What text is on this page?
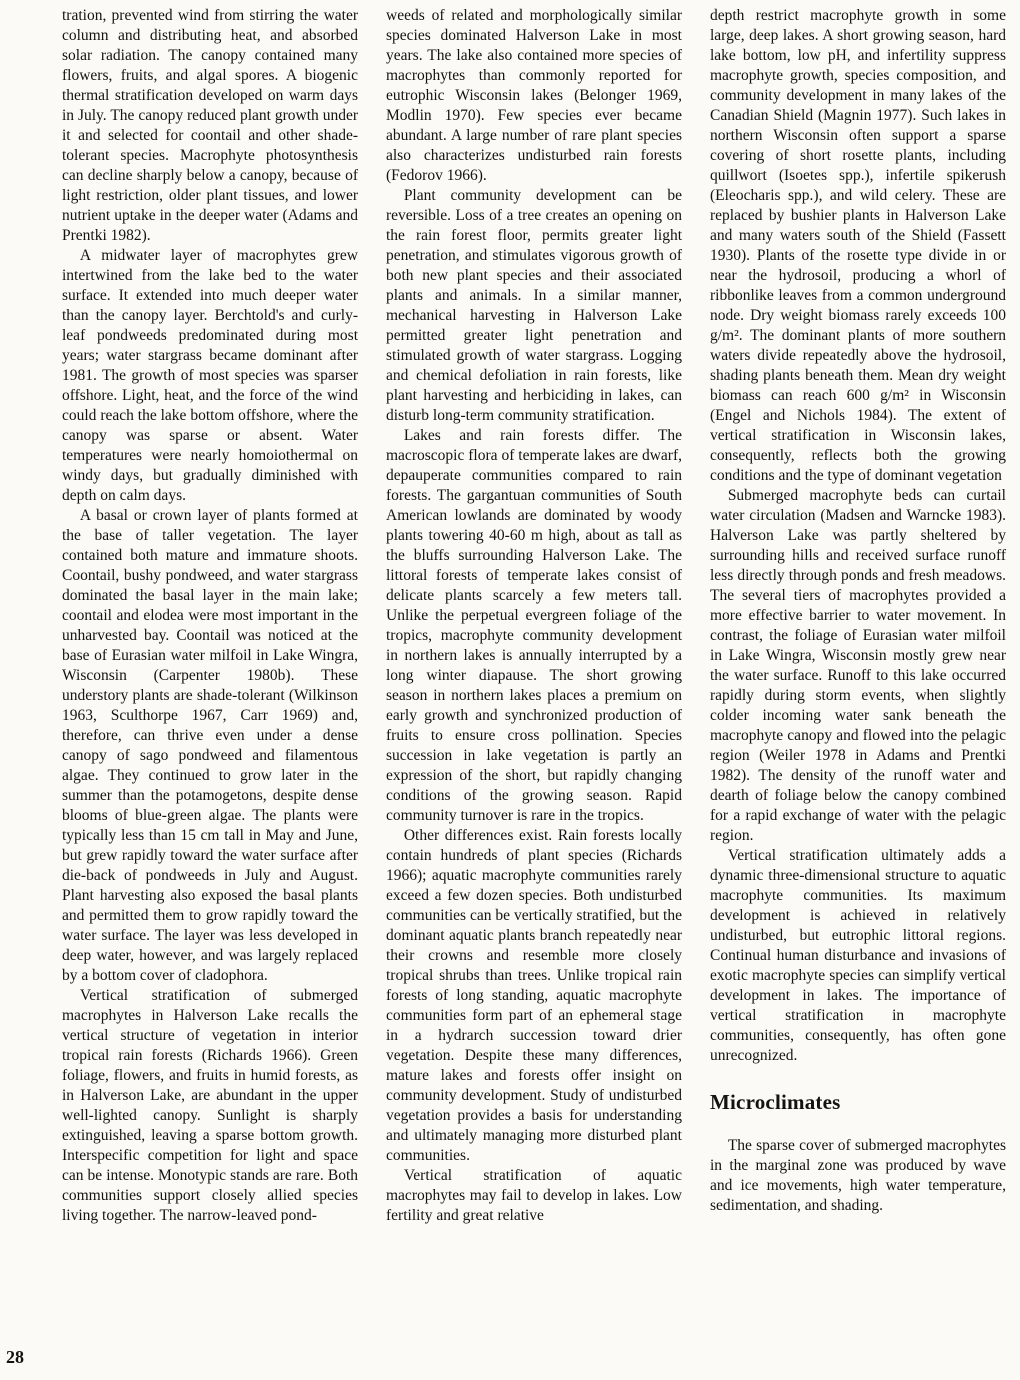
tration, prevented wind from stirring the water column and distributing heat, and absorbed solar radiation. The canopy contained many flowers, fruits, and algal spores. A biogenic thermal stratification developed on warm days in July. The canopy reduced plant growth under it and selected for coontail and other shade-tolerant species. Macrophyte photosynthesis can decline sharply below a canopy, because of light restriction, older plant tissues, and lower nutrient uptake in the deeper water (Adams and Prentki 1982).

A midwater layer of macrophytes grew intertwined from the lake bed to the water surface. It extended into much deeper water than the canopy layer. Berchtold's and curly-leaf pondweeds predominated during most years; water stargrass became dominant after 1981. The growth of most species was sparser offshore. Light, heat, and the force of the wind could reach the lake bottom offshore, where the canopy was sparse or absent. Water temperatures were nearly homoiothermal on windy days, but gradually diminished with depth on calm days.

A basal or crown layer of plants formed at the base of taller vegetation. The layer contained both mature and immature shoots. Coontail, bushy pondweed, and water stargrass dominated the basal layer in the main lake; coontail and elodea were most important in the unharvested bay. Coontail was noticed at the base of Eurasian water milfoil in Lake Wingra, Wisconsin (Carpenter 1980b). These understory plants are shade-tolerant (Wilkinson 1963, Sculthorpe 1967, Carr 1969) and, therefore, can thrive even under a dense canopy of sago pondweed and filamentous algae. They continued to grow later in the summer than the potamogetons, despite dense blooms of blue-green algae. The plants were typically less than 15 cm tall in May and June, but grew rapidly toward the water surface after die-back of pondweeds in July and August. Plant harvesting also exposed the basal plants and permitted them to grow rapidly toward the water surface. The layer was less developed in deep water, however, and was largely replaced by a bottom cover of cladophora.

Vertical stratification of submerged macrophytes in Halverson Lake recalls the vertical structure of vegetation in interior tropical rain forests (Richards 1966). Green foliage, flowers, and fruits in humid forests, as in Halverson Lake, are abundant in the upper well-lighted canopy. Sunlight is sharply extinguished, leaving a sparse bottom growth. Interspecific competition for light and space can be intense. Monotypic stands are rare. Both communities support closely allied species living together. The narrow-leaved pond-

weeds of related and morphologically similar species dominated Halverson Lake in most years. The lake also contained more species of macrophytes than commonly reported for eutrophic Wisconsin lakes (Belonger 1969, Modlin 1970). Few species ever became abundant. A large number of rare plant species also characterizes undisturbed rain forests (Fedorov 1966).

Plant community development can be reversible. Loss of a tree creates an opening on the rain forest floor, permits greater light penetration, and stimulates vigorous growth of both new plant species and their associated plants and animals. In a similar manner, mechanical harvesting in Halverson Lake permitted greater light penetration and stimulated growth of water stargrass. Logging and chemical defoliation in rain forests, like plant harvesting and herbiciding in lakes, can disturb long-term community stratification.

Lakes and rain forests differ. The macroscopic flora of temperate lakes are dwarf, depauperate communities compared to rain forests. The gargantuan communities of South American lowlands are dominated by woody plants towering 40-60 m high, about as tall as the bluffs surrounding Halverson Lake. The littoral forests of temperate lakes consist of delicate plants scarcely a few meters tall. Unlike the perpetual evergreen foliage of the tropics, macrophyte community development in northern lakes is annually interrupted by a long winter diapause. The short growing season in northern lakes places a premium on early growth and synchronized production of fruits to ensure cross pollination. Species succession in lake vegetation is partly an expression of the short, but rapidly changing conditions of the growing season. Rapid community turnover is rare in the tropics.

Other differences exist. Rain forests locally contain hundreds of plant species (Richards 1966); aquatic macrophyte communities rarely exceed a few dozen species. Both undisturbed communities can be vertically stratified, but the dominant aquatic plants branch repeatedly near their crowns and resemble more closely tropical shrubs than trees. Unlike tropical rain forests of long standing, aquatic macrophyte communities form part of an ephemeral stage in a hydrarch succession toward drier vegetation. Despite these many differences, mature lakes and forests offer insight on community development. Study of undisturbed vegetation provides a basis for understanding and ultimately managing more disturbed plant communities.

Vertical stratification of aquatic macrophytes may fail to develop in lakes. Low fertility and great relative

depth restrict macrophyte growth in some large, deep lakes. A short growing season, hard lake bottom, low pH, and infertility suppress macrophyte growth, species composition, and community development in many lakes of the Canadian Shield (Magnin 1977). Such lakes in northern Wisconsin often support a sparse covering of short rosette plants, including quillwort (Isoetes spp.), infertile spikerush (Eleocharis spp.), and wild celery. These are replaced by bushier plants in Halverson Lake and many waters south of the Shield (Fassett 1930). Plants of the rosette type divide in or near the hydrosoil, producing a whorl of ribbonlike leaves from a common underground node. Dry weight biomass rarely exceeds 100 g/m². The dominant plants of more southern waters divide repeatedly above the hydrosoil, shading plants beneath them. Mean dry weight biomass can reach 600 g/m² in Wisconsin (Engel and Nichols 1984). The extent of vertical stratification in Wisconsin lakes, consequently, reflects both the growing conditions and the type of dominant vegetation

Submerged macrophyte beds can curtail water circulation (Madsen and Warncke 1983). Halverson Lake was partly sheltered by surrounding hills and received surface runoff less directly through ponds and fresh meadows. The several tiers of macrophytes provided a more effective barrier to water movement. In contrast, the foliage of Eurasian water milfoil in Lake Wingra, Wisconsin mostly grew near the water surface. Runoff to this lake occurred rapidly during storm events, when slightly colder incoming water sank beneath the macrophyte canopy and flowed into the pelagic region (Weiler 1978 in Adams and Prentki 1982). The density of the runoff water and dearth of foliage below the canopy combined for a rapid exchange of water with the pelagic region.

Vertical stratification ultimately adds a dynamic three-dimensional structure to aquatic macrophyte communities. Its maximum development is achieved in relatively undisturbed, but eutrophic littoral regions. Continual human disturbance and invasions of exotic macrophyte species can simplify vertical development in lakes. The importance of vertical stratification in macrophyte communities, consequently, has often gone unrecognized.

Microclimates

The sparse cover of submerged macrophytes in the marginal zone was produced by wave and ice movements, high water temperature, sedimentation, and shading.

28
